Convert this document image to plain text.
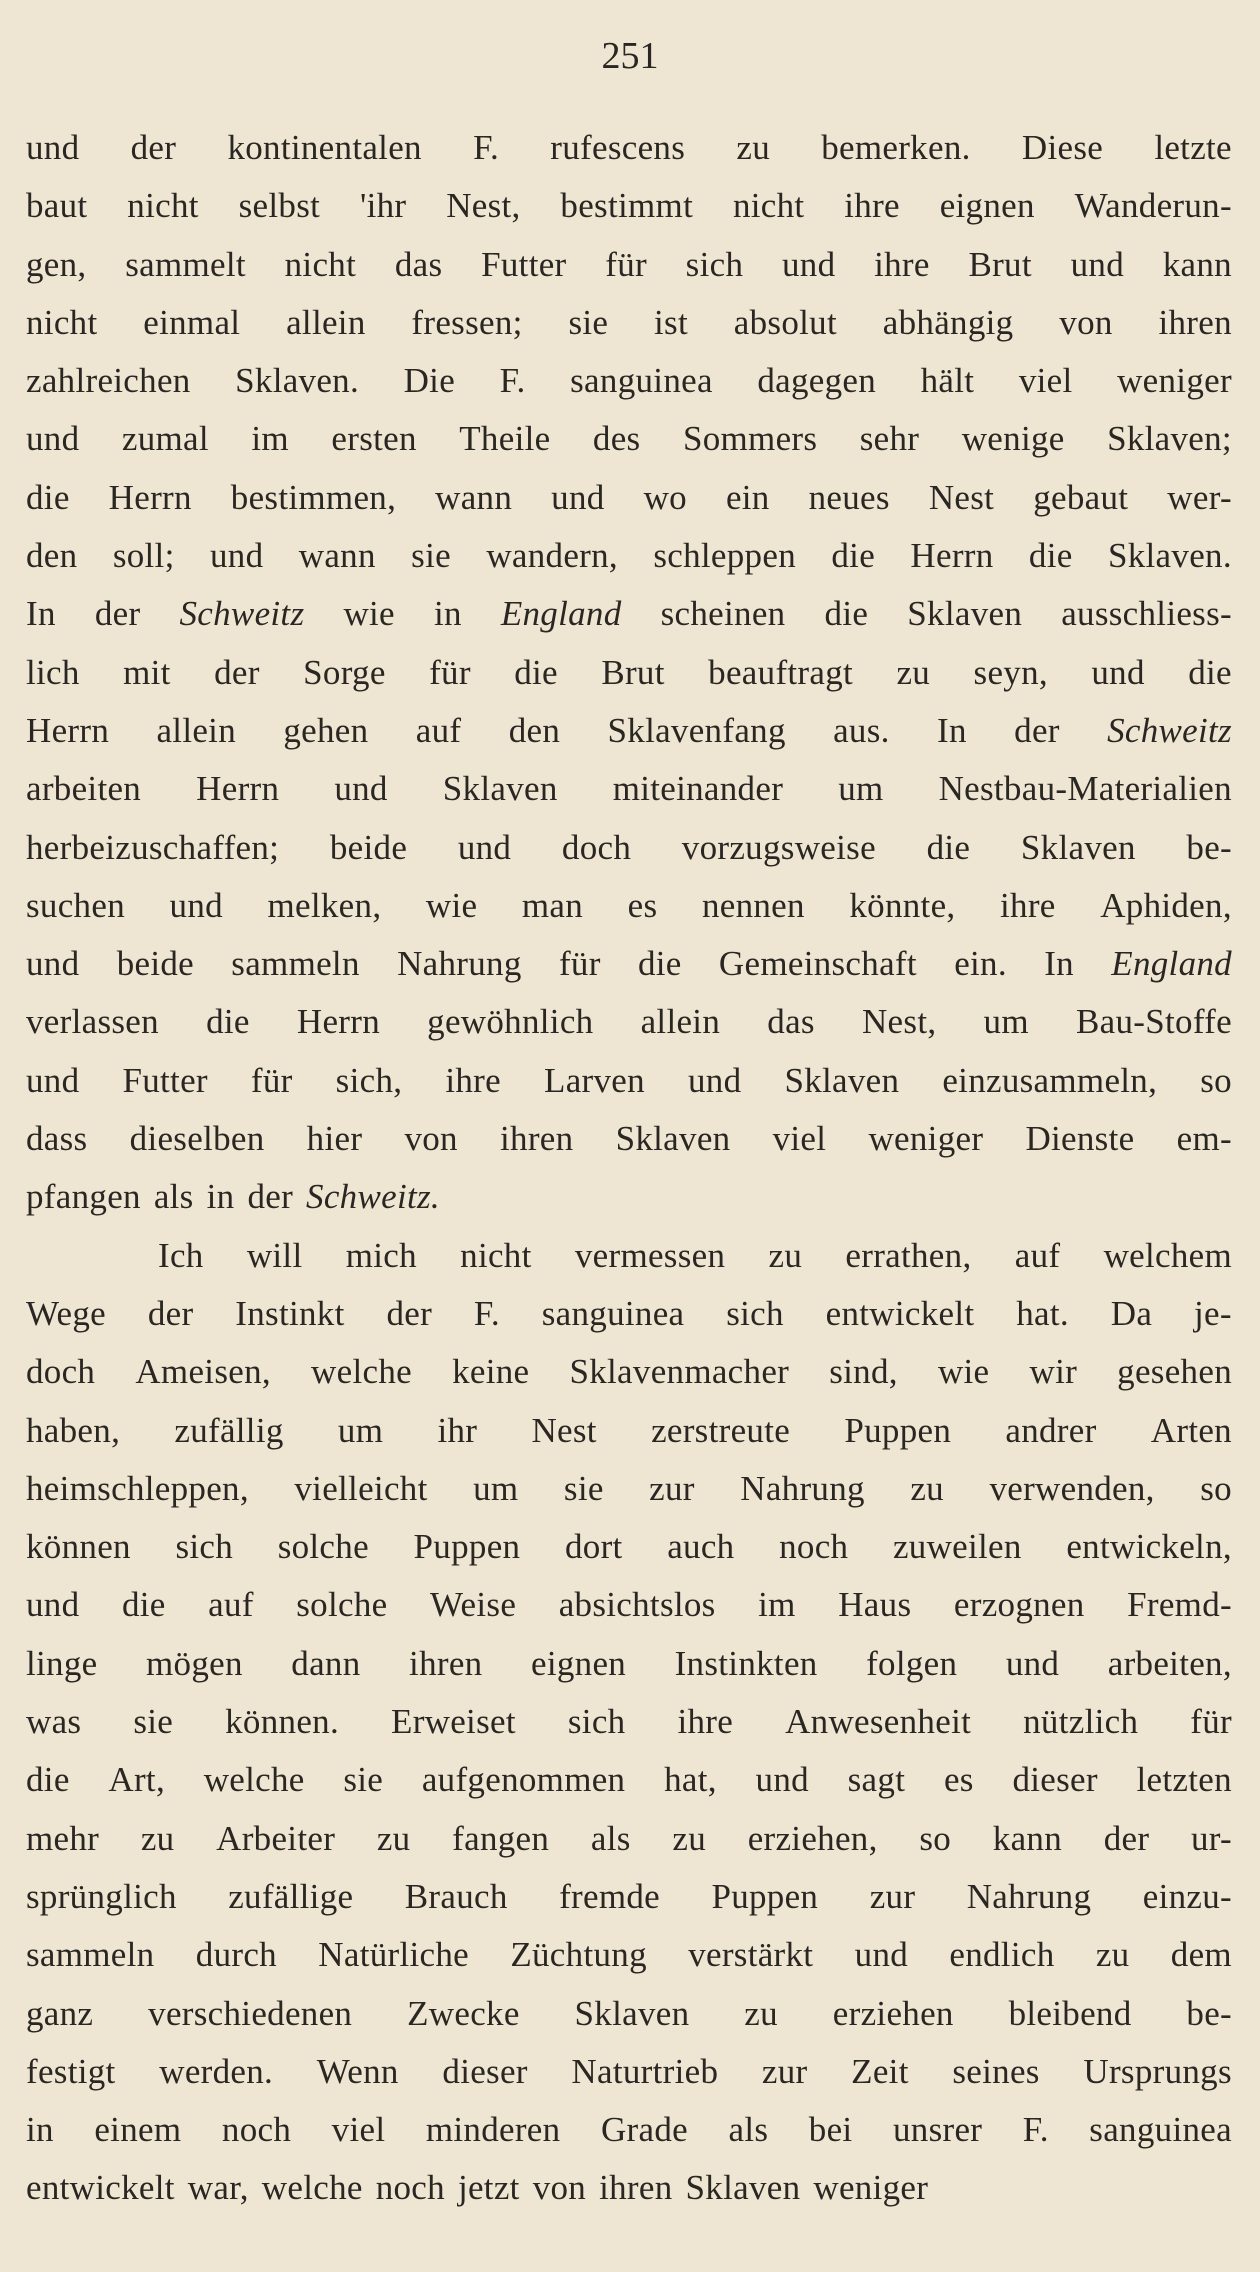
251
und der kontinentalen F. rufescens zu bemerken. Diese letzte
baut nicht selbst 'ihr Nest, bestimmt nicht ihre eignen Wanderun-
gen, sammelt nicht das Futter für sich und ihre Brut und kann
nicht einmal allein fressen; sie ist absolut abhängig von ihren
zahlreichen Sklaven. Die F. sanguinea dagegen hält viel weniger
und zumal im ersten Theile des Sommers sehr wenige Sklaven;
die Herrn bestimmen, wann und wo ein neues Nest gebaut wer-
den soll; und wann sie wandern, schleppen die Herrn die Sklaven.
In der Schweitz wie in England scheinen die Sklaven ausschliess-
lich mit der Sorge für die Brut beauftragt zu seyn, und die
Herrn allein gehen auf den Sklavenfang aus. In der Schweitz
arbeiten Herrn und Sklaven miteinander um Nestbau-Materialien
herbeizuschaffen; beide und doch vorzugsweise die Sklaven be-
suchen und melken, wie man es nennen könnte, ihre Aphiden,
und beide sammeln Nahrung für die Gemeinschaft ein. In England
verlassen die Herrn gewöhnlich allein das Nest, um Bau-Stoffe
und Futter für sich, ihre Larven und Sklaven einzusammeln, so
dass dieselben hier von ihren Sklaven viel weniger Dienste em-
pfangen als in der Schweitz.
Ich will mich nicht vermessen zu errathen, auf welchem
Wege der Instinkt der F. sanguinea sich entwickelt hat. Da je-
doch Ameisen, welche keine Sklavenmacher sind, wie wir gesehen
haben, zufällig um ihr Nest zerstreute Puppen andrer Arten
heimschleppen, vielleicht um sie zur Nahrung zu verwenden, so
können sich solche Puppen dort auch noch zuweilen entwickeln,
und die auf solche Weise absichtslos im Haus erzognen Fremd-
linge mögen dann ihren eignen Instinkten folgen und arbeiten,
was sie können. Erweiset sich ihre Anwesenheit nützlich für
die Art, welche sie aufgenommen hat, und sagt es dieser letzten
mehr zu Arbeiter zu fangen als zu erziehen, so kann der ur-
sprünglich zufällige Brauch fremde Puppen zur Nahrung einzu-
sammeln durch Natürliche Züchtung verstärkt und endlich zu dem
ganz verschiedenen Zwecke Sklaven zu erziehen bleibend be-
festigt werden. Wenn dieser Naturtrieb zur Zeit seines Ursprungs
in einem noch viel minderen Grade als bei unsrer F. sanguinea
entwickelt war, welche noch jetzt von ihren Sklaven weniger
